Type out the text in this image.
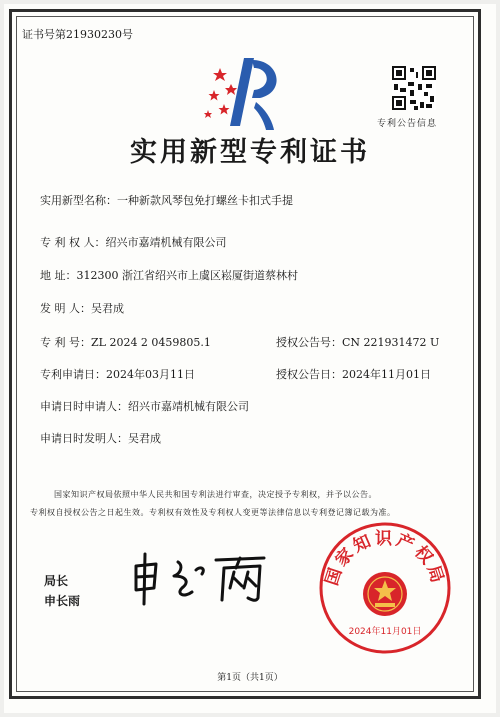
证书号第21930230号
专利公告信息
实用新型专利证书
实用新型名称：一种新款风琴包免打螺丝卡扣式手提
专 利 权 人：绍兴市嘉靖机械有限公司
地 址：312300 浙江省绍兴市上虞区崧厦街道蔡林村
发 明 人：吴君成
专 利 号：ZL 2024 2 0459805.1	授权公告号：CN 221931472 U
专利申请日：2024年03月11日	授权公告日：2024年11月01日
申请日时申请人：绍兴市嘉靖机械有限公司
申请日时发明人：吴君成
国家知识产权局依照中华人民共和国专利法进行审查，决定授予专利权，并予以公告。
专利权自授权公告之日起生效。专利权有效性及专利权人变更等法律信息以专利登记簿记载为准。
局长
申长雨
国家知识产权局
2024年11月01日
第1页（共1页）
